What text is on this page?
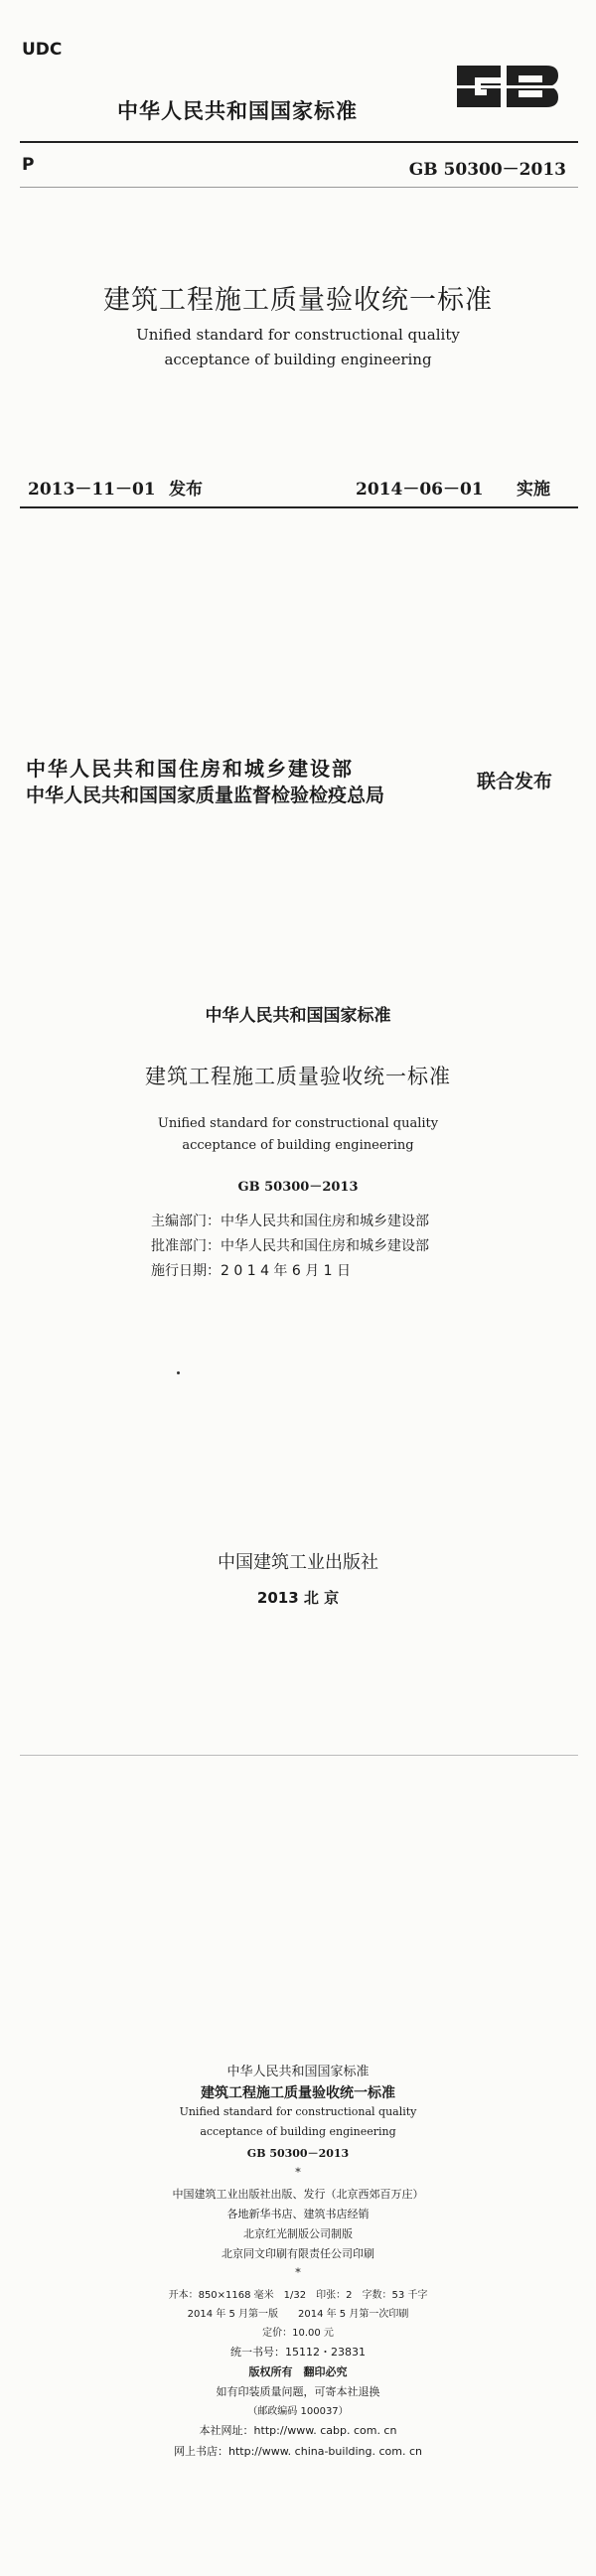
UDC
中华人民共和国国家标准
P	GB 50300－2013
建筑工程施工质量验收统一标准
Unified standard for constructional quality
acceptance of building engineering
2013－11－01 发布	2014－06－01 实施
中华人民共和国住房和城乡建设部
中华人民共和国国家质量监督检验检疫总局
联合发布
中华人民共和国国家标准
建筑工程施工质量验收统一标准
Unified standard for constructional quality
acceptance of building engineering
GB 50300－2013
主编部门：中华人民共和国住房和城乡建设部
批准部门：中华人民共和国住房和城乡建设部
施行日期：2 0 1 4 年 6 月 1 日
中国建筑工业出版社
2013 北 京
中华人民共和国国家标准
建筑工程施工质量验收统一标准
Unified standard for constructional quality
acceptance of building engineering
GB 50300－2013
*
中国建筑工业出版社出版、发行（北京西郊百万庄）
各地新华书店、建筑书店经销
北京红光制版公司制版
北京同文印刷有限责任公司印刷
*
开本：850×1168 毫米　1/32　印张：2　字数：53 千字
2014 年 5 月第一版　　2014 年 5 月第一次印刷
定价：10.00 元
统一书号：15112・23831
版权所有　翻印必究
如有印装质量问题，可寄本社退换
（邮政编码 100037）
本社网址：http://www. cabp. com. cn
网上书店：http://www. china-building. com. cn
